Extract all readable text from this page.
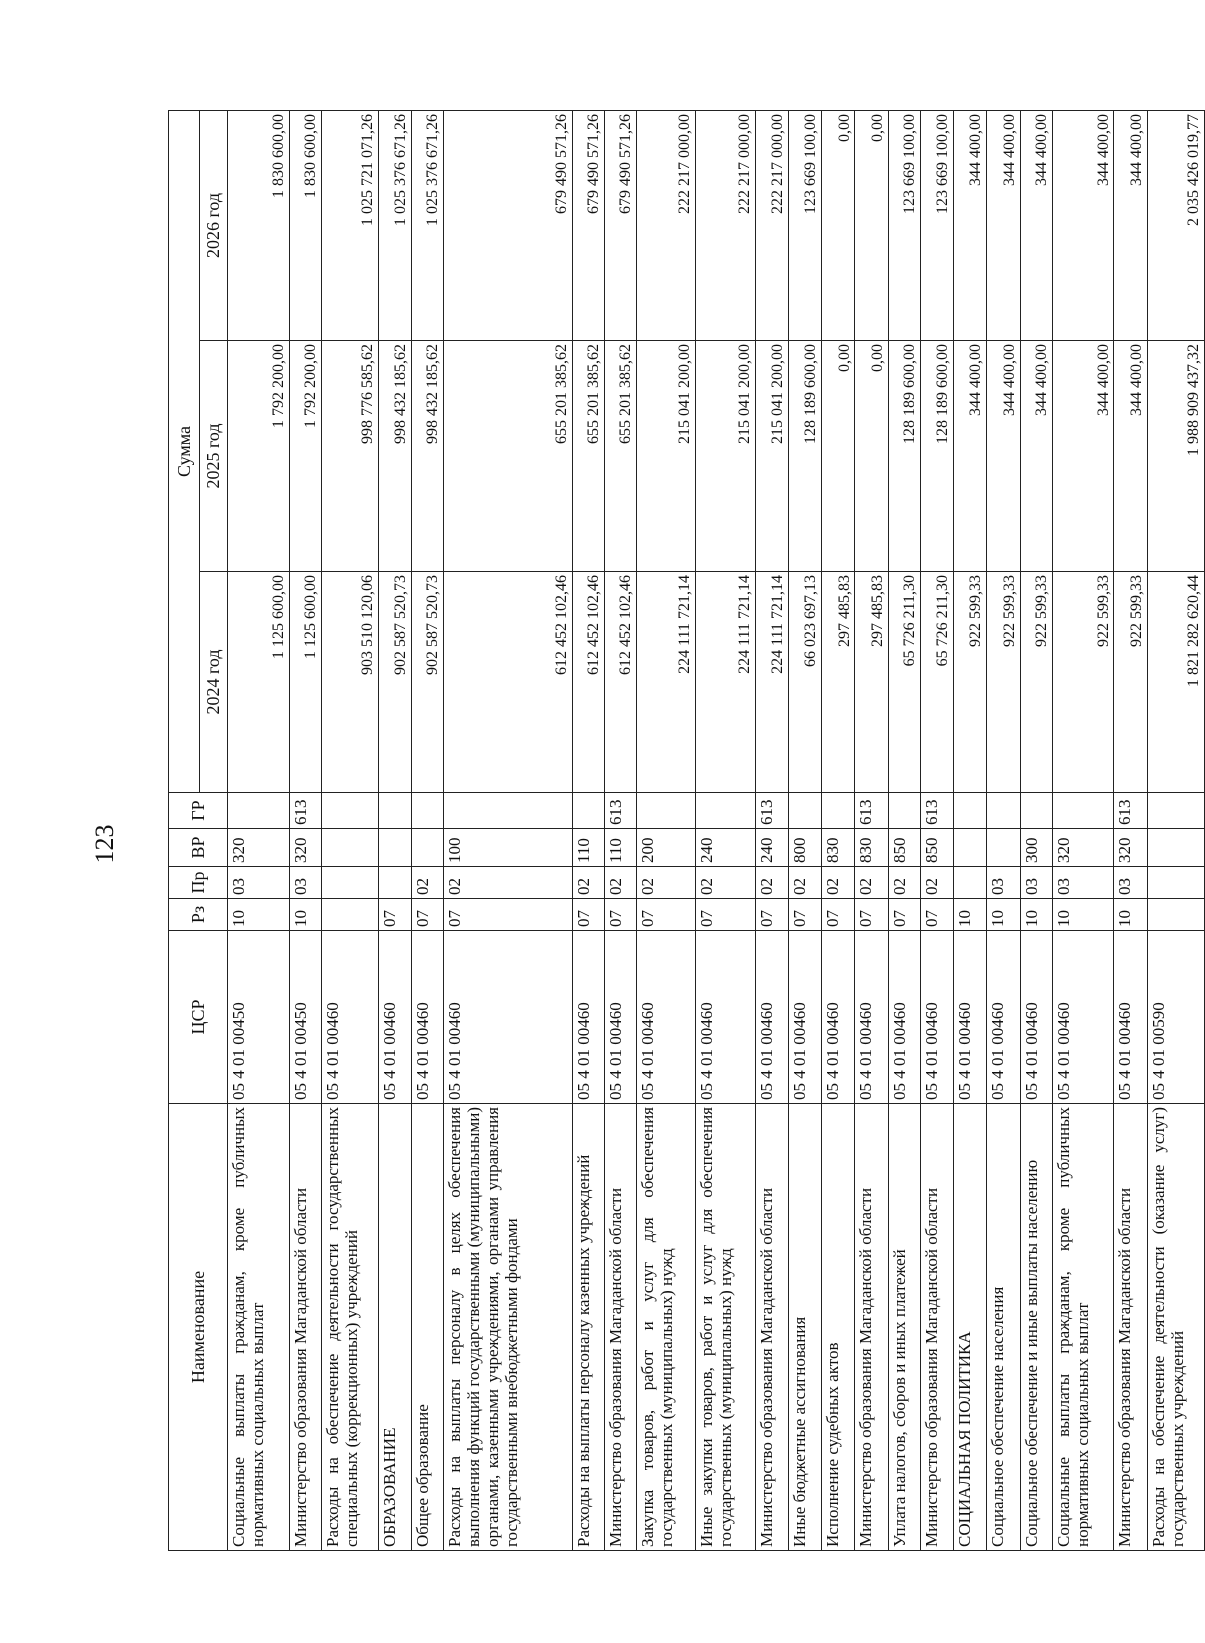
123
Наименование	ЦСР	Рз	Пр	ВР	ГР	Сумма		
						2024 год	2025 год	2026 год
Социальные выплаты гражданам, кроме публичных нормативных социальных выплат	05 4 01 00450	10	03	320		1 125 600,00	1 792 200,00	1 830 600,00
Министерство образования Магаданской области	05 4 01 00450	10	03	320	613	1 125 600,00	1 792 200,00	1 830 600,00
Расходы на обеспечение деятельности государственных специальных (коррекционных) учреждений	05 4 01 00460					903 510 120,06	998 776 585,62	1 025 721 071,26
ОБРАЗОВАНИЕ	05 4 01 00460	07				902 587 520,73	998 432 185,62	1 025 376 671,26
Общее образование	05 4 01 00460	07	02			902 587 520,73	998 432 185,62	1 025 376 671,26
Расходы на выплаты персоналу в целях обеспечения выполнения функций государственными (муниципальными) органами, казенными учреждениями, органами управления государственными внебюджетными фондами	05 4 01 00460	07	02	100		612 452 102,46	655 201 385,62	679 490 571,26
Расходы на выплаты персоналу казенных учреждений	05 4 01 00460	07	02	110		612 452 102,46	655 201 385,62	679 490 571,26
Министерство образования Магаданской области	05 4 01 00460	07	02	110	613	612 452 102,46	655 201 385,62	679 490 571,26
Закупка товаров, работ и услуг для обеспечения государственных (муниципальных) нужд	05 4 01 00460	07	02	200		224 111 721,14	215 041 200,00	222 217 000,00
Иные закупки товаров, работ и услуг для обеспечения государственных (муниципальных) нужд	05 4 01 00460	07	02	240		224 111 721,14	215 041 200,00	222 217 000,00
Министерство образования Магаданской области	05 4 01 00460	07	02	240	613	224 111 721,14	215 041 200,00	222 217 000,00
Иные бюджетные ассигнования	05 4 01 00460	07	02	800		66 023 697,13	128 189 600,00	123 669 100,00
Исполнение судебных актов	05 4 01 00460	07	02	830		297 485,83	0,00	0,00
Министерство образования Магаданской области	05 4 01 00460	07	02	830	613	297 485,83	0,00	0,00
Уплата налогов, сборов и иных платежей	05 4 01 00460	07	02	850		65 726 211,30	128 189 600,00	123 669 100,00
Министерство образования Магаданской области	05 4 01 00460	07	02	850	613	65 726 211,30	128 189 600,00	123 669 100,00
СОЦИАЛЬНАЯ ПОЛИТИКА	05 4 01 00460	10				922 599,33	344 400,00	344 400,00
Социальное обеспечение населения	05 4 01 00460	10	03			922 599,33	344 400,00	344 400,00
Социальное обеспечение и иные выплаты населению	05 4 01 00460	10	03	300		922 599,33	344 400,00	344 400,00
Социальные выплаты гражданам, кроме публичных нормативных социальных выплат	05 4 01 00460	10	03	320		922 599,33	344 400,00	344 400,00
Министерство образования Магаданской области	05 4 01 00460	10	03	320	613	922 599,33	344 400,00	344 400,00
Расходы на обеспечение деятельности (оказание услуг) государственных учреждений	05 4 01 00590					1 821 282 620,44	1 988 909 437,32	2 035 426 019,77
